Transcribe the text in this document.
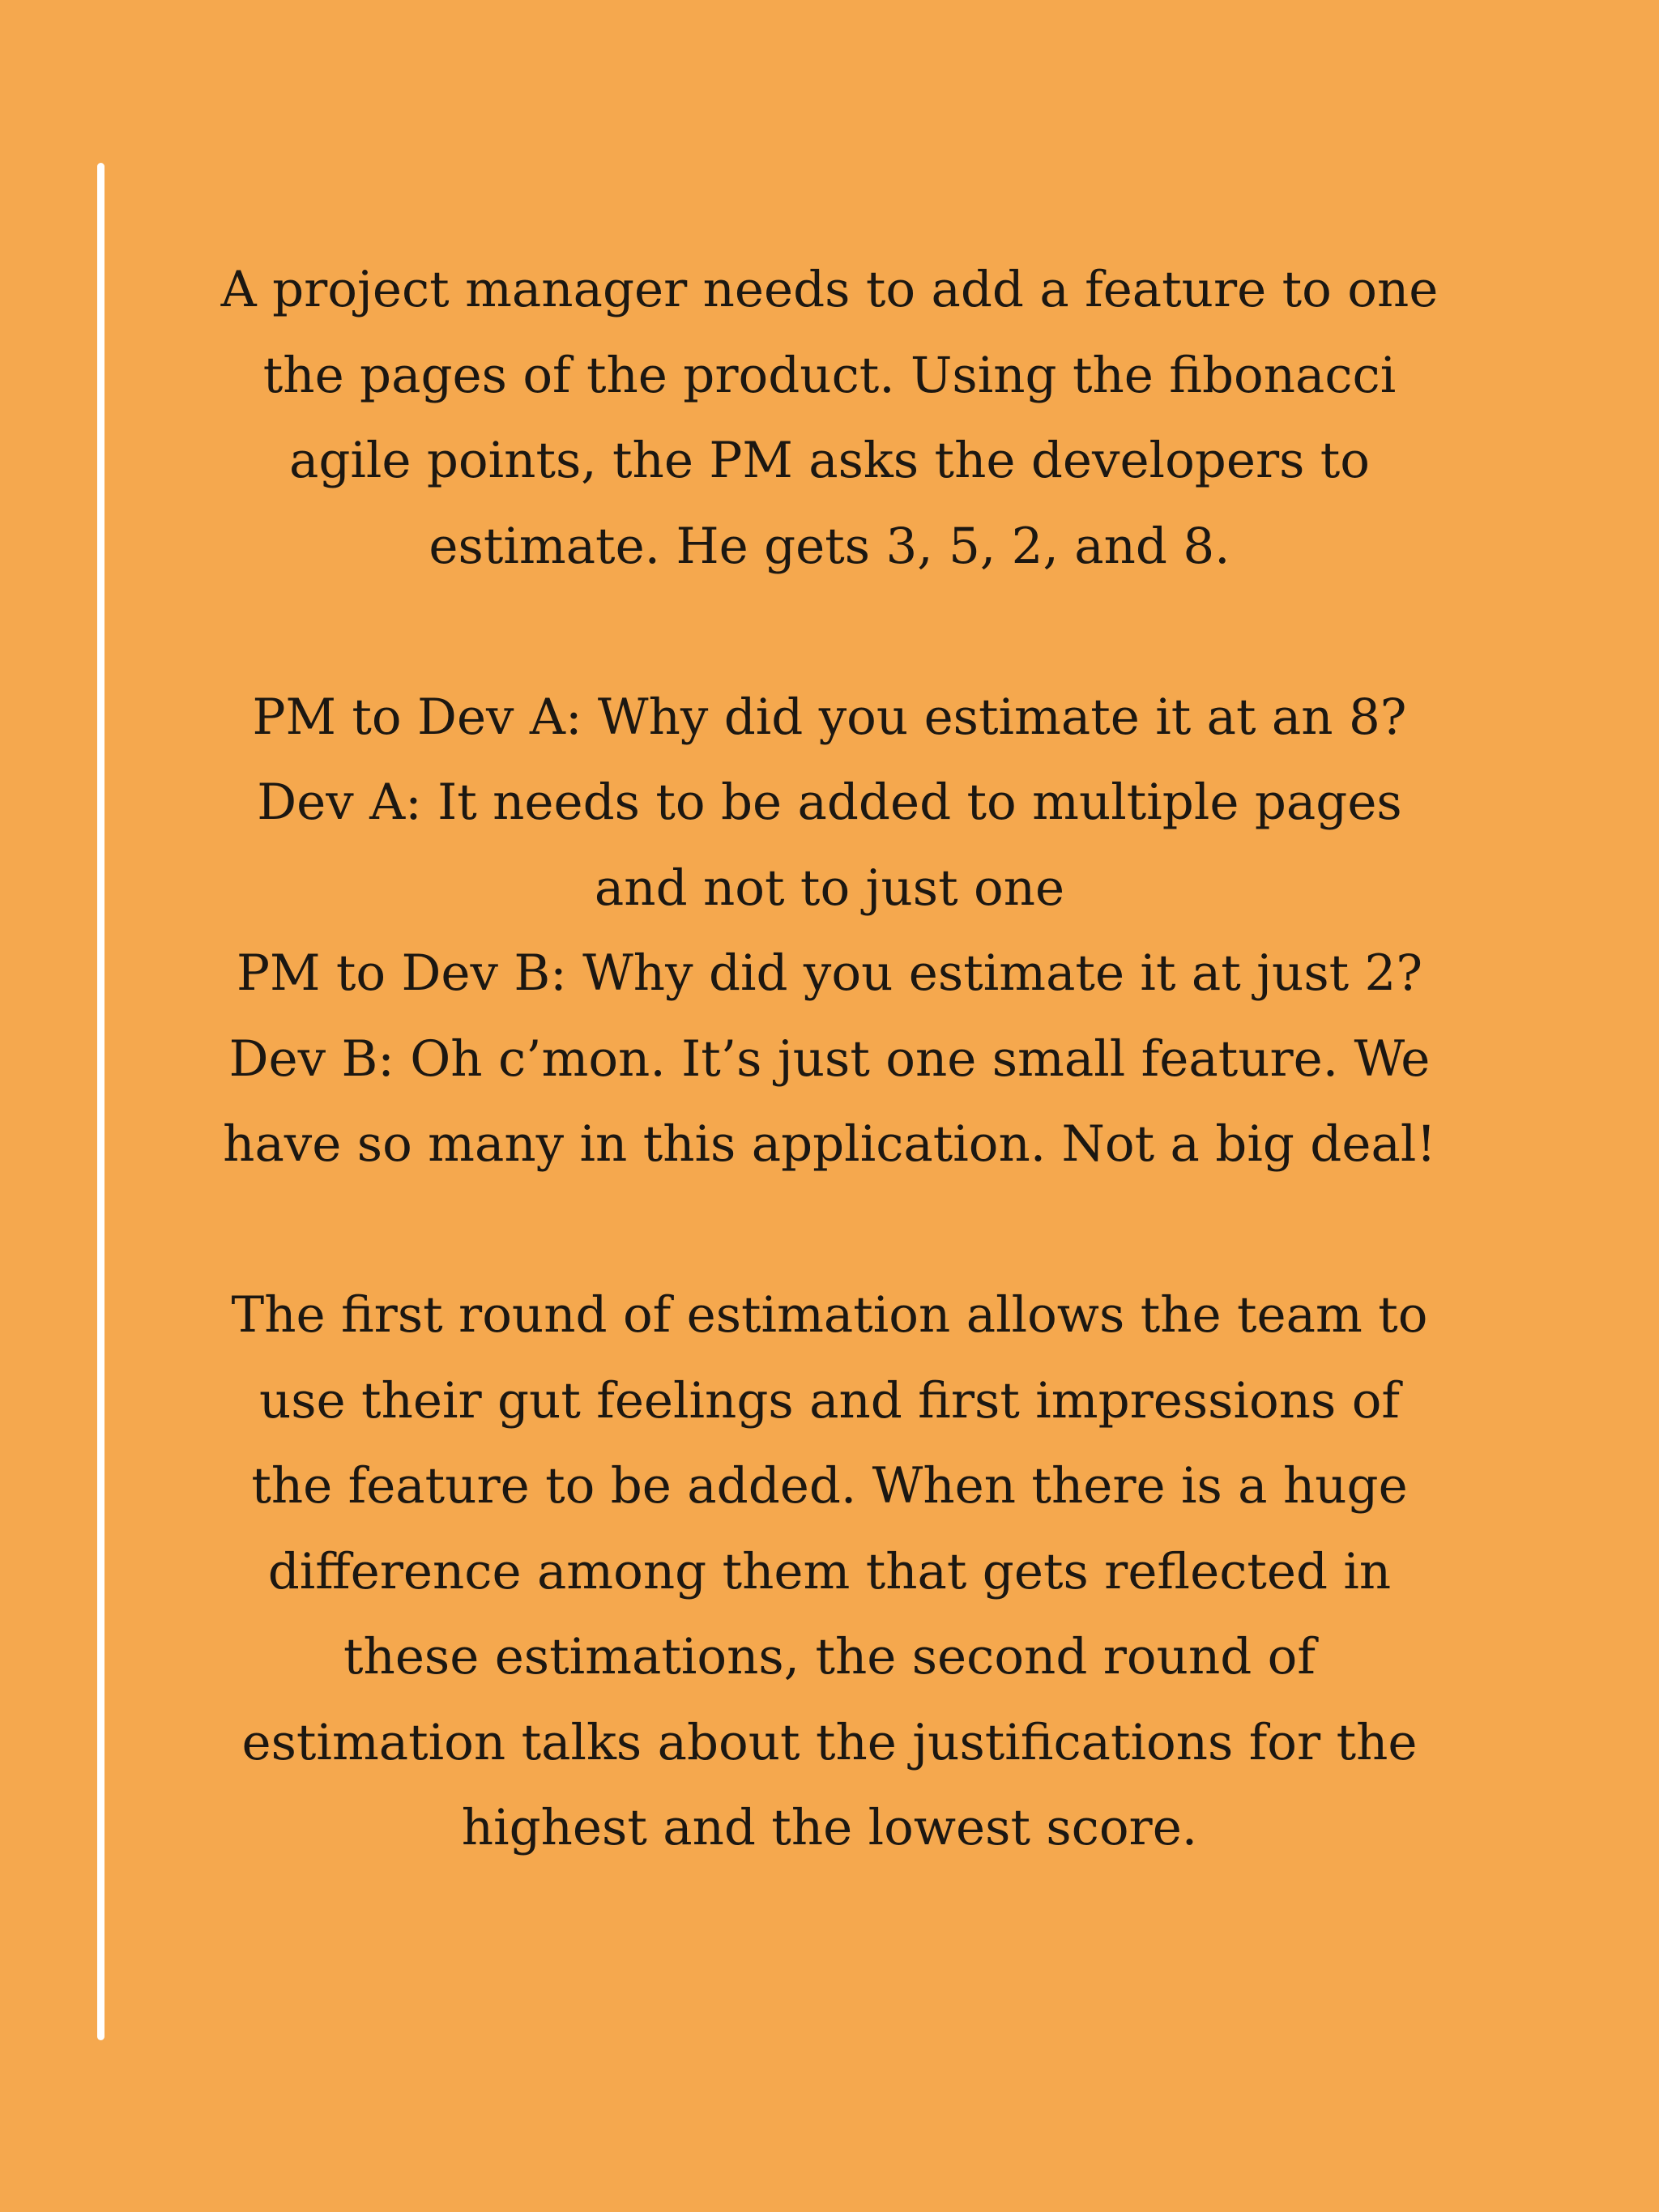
A project manager needs to add a feature to one
the pages of the product. Using the fibonacci
agile points, the PM asks the developers to
estimate. He gets 3, 5, 2, and 8.

PM to Dev A: Why did you estimate it at an 8?
Dev A: It needs to be added to multiple pages
and not to just one
PM to Dev B: Why did you estimate it at just 2?
Dev B: Oh c’mon. It’s just one small feature. We
have so many in this application. Not a big deal!

The first round of estimation allows the team to
use their gut feelings and first impressions of
the feature to be added. When there is a huge
difference among them that gets reflected in
these estimations, the second round of
estimation talks about the justifications for the
highest and the lowest score.
